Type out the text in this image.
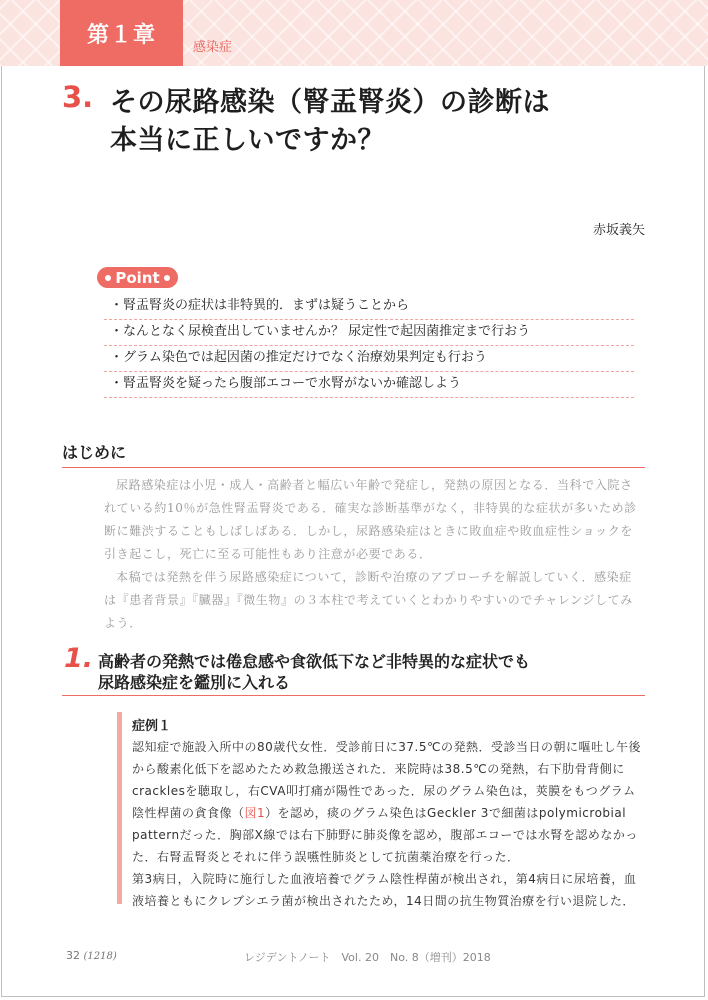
第１章	感染症
3. その尿路感染（腎盂腎炎）の診断は
本当に正しいですか？
赤坂義矢
Point
・腎盂腎炎の症状は非特異的．まずは疑うことから
・なんとなく尿検査出していませんか？ 尿定性で起因菌推定まで行おう
・グラム染色では起因菌の推定だけでなく治療効果判定も行おう
・腎盂腎炎を疑ったら腹部エコーで水腎がないか確認しよう
はじめに

尿路感染症は小児・成人・高齢者と幅広い年齢で発症し，発熱の原因となる．当科で入院されている約10％が急性腎盂腎炎である．確実な診断基準がなく，非特異的な症状が多いため診断に難渋することもしばしばある．しかし，尿路感染症はときに敗血症や敗血症性ショックを引き起こし，死亡に至る可能性もあり注意が必要である．

本稿では発熱を伴う尿路感染症について，診断や治療のアプローチを解説していく．感染症は『患者背景』『臓器』『微生物』の３本柱で考えていくとわかりやすいのでチャレンジしてみよう．

1. 高齢者の発熱では倦怠感や食欲低下など非特異的な症状でも
尿路感染症を鑑別に入れる
症例１

認知症で施設入所中の80歳代女性．受診前日に37.5℃の発熱．受診当日の朝に嘔吐し午後から酸素化低下を認めたため救急搬送された．来院時は38.5℃の発熱，右下肋骨背側にcracklesを聴取し，右CVA叩打痛が陽性であった．尿のグラム染色は，莢膜をもつグラム陰性桿菌の貪食像（図1）を認め，痰のグラム染色はGeckler 3で細菌はpolymicrobial patternだった．胸部X線では右下肺野に肺炎像を認め，腹部エコーでは水腎を認めなかった．右腎盂腎炎とそれに伴う誤嚥性肺炎として抗菌薬治療を行った．

第3病日，入院時に施行した血液培養でグラム陰性桿菌が検出され，第4病日に尿培養，血液培養ともにクレブシエラ菌が検出されたため，14日間の抗生物質治療を行い退院した．

32 (1218)	レジデントノート　Vol. 20　No. 8（増刊）2018
